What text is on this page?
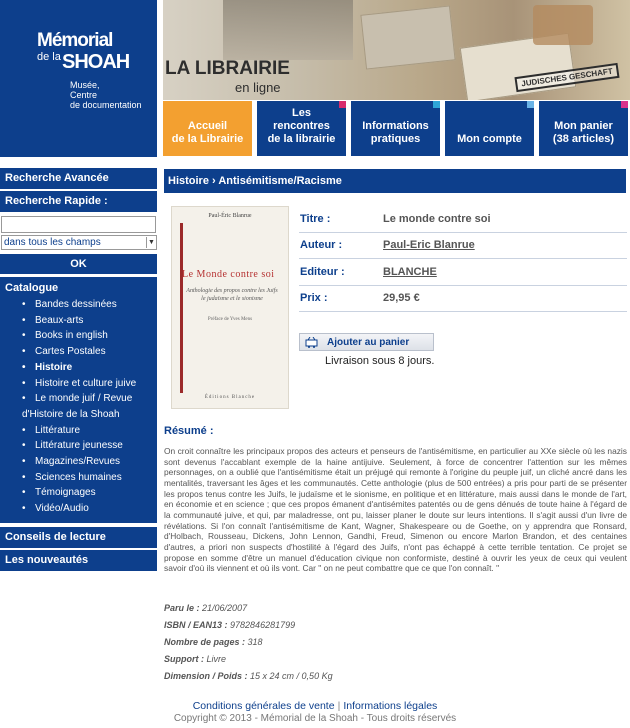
Mémorial
de la SHOAH
Musée,
Centre
de documentation
JUDISCHES GESCHAFT
LA LIBRAIRIE
en ligne
Accueil
de la Librairie
Les
rencontres
de la librairie
Informations
pratiques	Mon compte
Mon panier
(38 articles)
Recherche Avancée
Recherche Rapide :
dans tous les champs	▼
OK
Catalogue
• Bandes dessinées
• Beaux-arts
• Books in english
• Cartes Postales
• Histoire
• Histoire et culture juive
• Le monde juif / Revue
d'Histoire de la Shoah
• Littérature
• Littérature jeunesse
• Magazines/Revues
• Sciences humaines
• Témoignages
• Vidéo/Audio
Conseils de lecture
Les nouveautés
Histoire › Antisémitisme/Racisme
Paul-Éric Blanrue
Le Monde contre soi
Anthologie des propos contre les Juifs le judaïsme et le sionisme
Préface de Yves Mens
Éditions Blanche
Titre :	Le monde contre soi
Auteur :	Paul-Eric Blanrue
Editeur :	BLANCHE
Prix :	29,95 €
Ajouter au panier
Livraison sous 8 jours.
Résumé :
On croit connaître les principaux propos des acteurs et penseurs de l'antisémitisme, en particulier au XXe siècle où les nazis sont devenus l'accablant exemple de la haine antijuive. Seulement, à force de concentrer l'attention sur les mêmes personnages, on a oublié que l'antisémitisme était un préjugé qui remonte à l'origine du peuple juif, un cliché ancré dans les mentalités, traversant les âges et les communautés. Cette anthologie (plus de 500 entrées) a pris pour parti de se présenter les propos tenus contre les Juifs, le judaïsme et le sionisme, en politique et en littérature, mais aussi dans le monde de l'art, en économie et en science ; que ces propos émanent d'antisémites patentés ou de gens dénués de toute haine à l'égard de la communauté juive, et qui, par maladresse, ont pu, laisser planer le doute sur leurs intentions. Il s'agit aussi d'un livre de révélations. Si l'on connaît l'antisémitisme de Kant, Wagner, Shakespeare ou de Goethe, on y apprendra que Ronsard, d'Holbach, Rousseau, Dickens, John Lennon, Gandhi, Freud, Simenon ou encore Marlon Brandon, et des centaines d'autres, a priori non suspects d'hostilité à l'égard des Juifs, n'ont pas échappé à cette terrible tentation. Ce projet se propose en somme d'être un manuel d'éducation civique non conformiste, destiné à ouvrir les yeux de ceux qui veulent savoir d'où ils viennent et où ils vont. Car " on ne peut combattre que ce que l'on connaît. "
Paru le : 21/06/2007
ISBN / EAN13 : 9782846281799
Nombre de pages : 318
Support : Livre
Dimension / Poids : 15 x 24 cm / 0,50 Kg
Conditions générales de vente | Informations légales
Copyright © 2013 - Mémorial de la Shoah - Tous droits réservés
